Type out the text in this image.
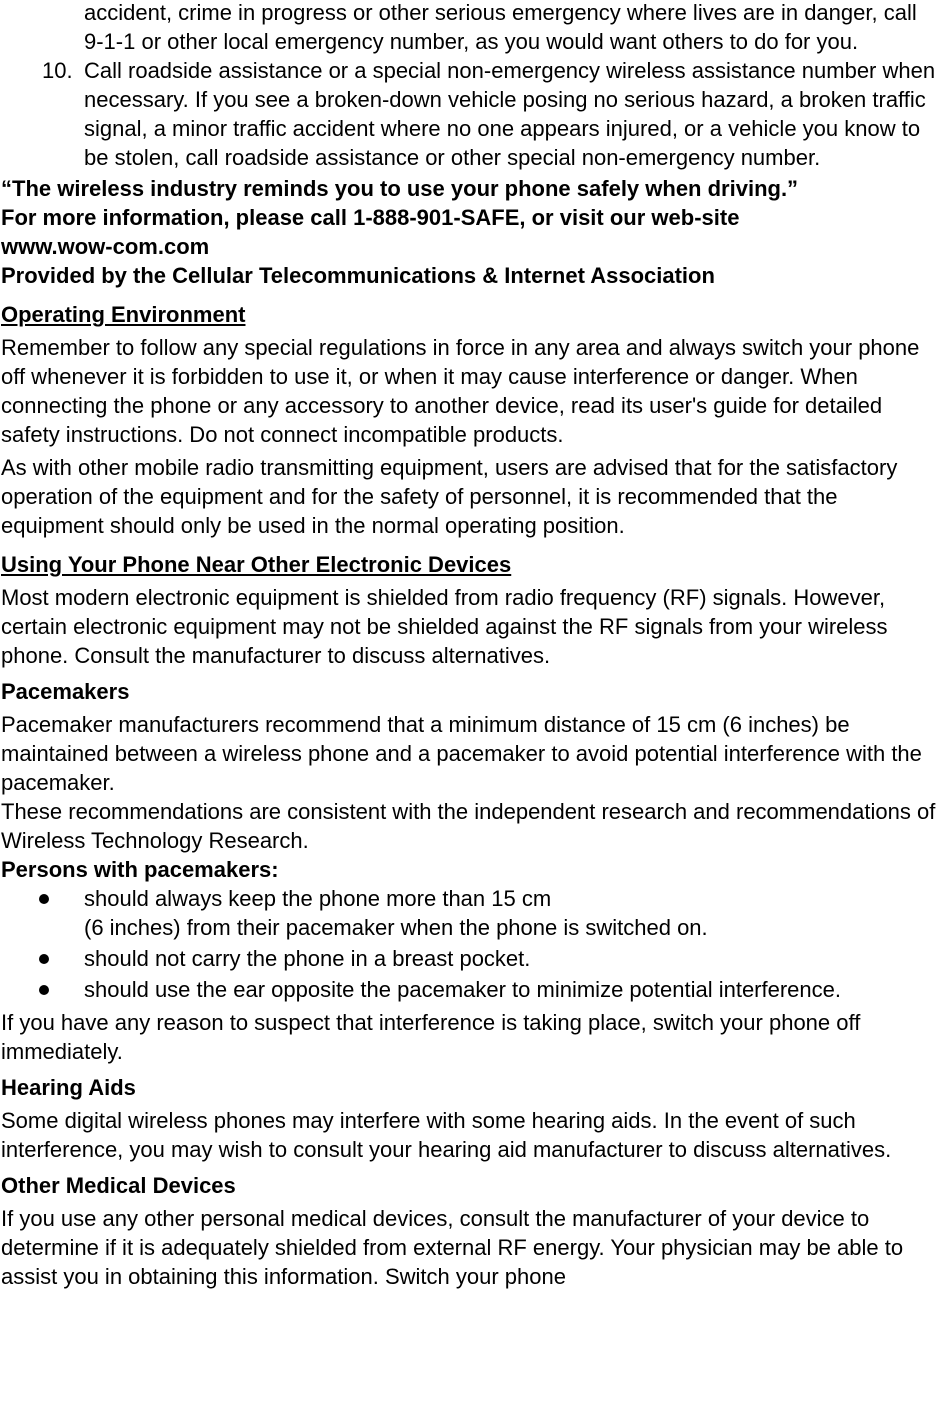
accident, crime in progress or other serious emergency where lives are in danger, call 9-1-1 or other local emergency number, as you would want others to do for you.

10. Call roadside assistance or a special non-emergency wireless assistance number when necessary. If you see a broken-down vehicle posing no serious hazard, a broken traffic signal, a minor traffic accident where no one appears injured, or a vehicle you know to be stolen, call roadside assistance or other special non-emergency number.

“The wireless industry reminds you to use your phone safely when driving.”

For more information, please call 1-888-901-SAFE, or visit our web-site

www.wow-com.com

Provided by the Cellular Telecommunications & Internet Association

Operating Environment

Remember to follow any special regulations in force in any area and always switch your phone off whenever it is forbidden to use it, or when it may cause interference or danger. When connecting the phone or any accessory to another device, read its user's guide for detailed safety instructions. Do not connect incompatible products.

As with other mobile radio transmitting equipment, users are advised that for the satisfactory operation of the equipment and for the safety of personnel, it is recommended that the equipment should only be used in the normal operating position.

Using Your Phone Near Other Electronic Devices

Most modern electronic equipment is shielded from radio frequency (RF) signals. However, certain electronic equipment may not be shielded against the RF signals from your wireless phone. Consult the manufacturer to discuss alternatives.

Pacemakers

Pacemaker manufacturers recommend that a minimum distance of 15 cm (6 inches) be maintained between a wireless phone and a pacemaker to avoid potential interference with the pacemaker.

These recommendations are consistent with the independent research and recommendations of Wireless Technology Research.

Persons with pacemakers:

should always keep the phone more than 15 cm
(6 inches) from their pacemaker when the phone is switched on.
should not carry the phone in a breast pocket.
should use the ear opposite the pacemaker to minimize potential interference.

If you have any reason to suspect that interference is taking place, switch your phone off immediately.

Hearing Aids

Some digital wireless phones may interfere with some hearing aids. In the event of such interference, you may wish to consult your hearing aid manufacturer to discuss alternatives.

Other Medical Devices

If you use any other personal medical devices, consult the manufacturer of your device to determine if it is adequately shielded from external RF energy. Your physician may be able to assist you in obtaining this information. Switch your phone
